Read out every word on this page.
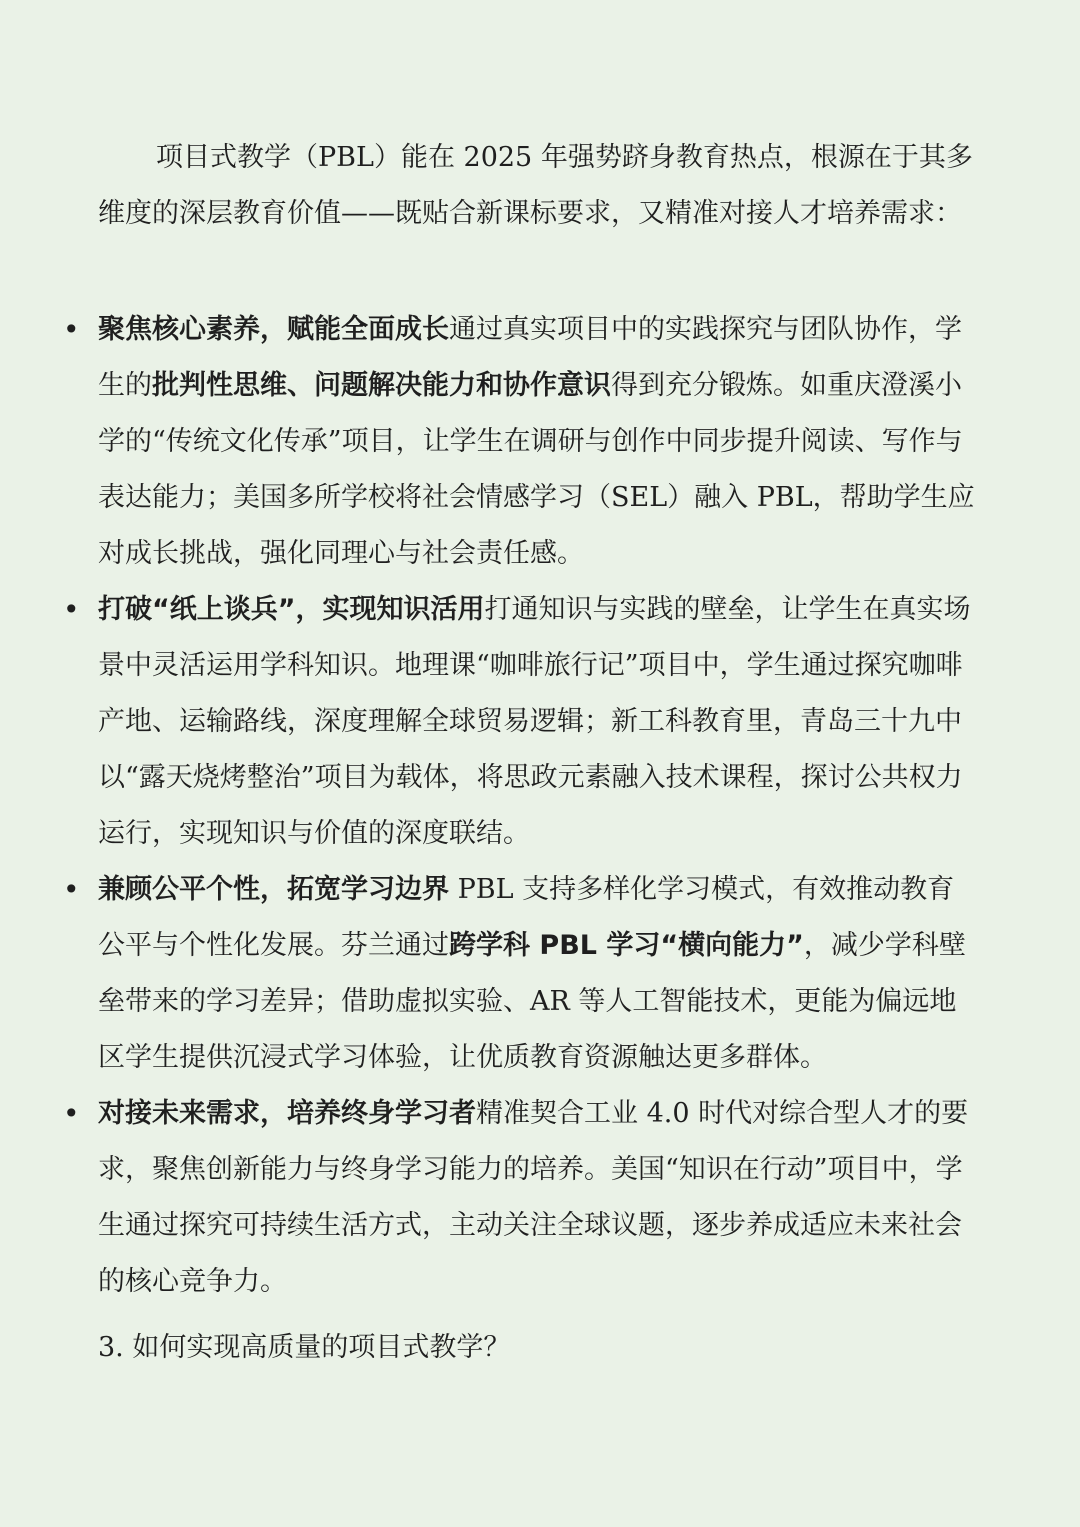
项目式教学（PBL）能在 2025 年强势跻身教育热点，根源在于其多维度的深层教育价值——既贴合新课标要求，又精准对接人才培养需求：

• 聚焦核心素养，赋能全面成长通过真实项目中的实践探究与团队协作，学生的批判性思维、问题解决能力和协作意识得到充分锻炼。如重庆澄溪小学的“传统文化传承”项目，让学生在调研与创作中同步提升阅读、写作与表达能力；美国多所学校将社会情感学习（SEL）融入 PBL，帮助学生应对成长挑战，强化同理心与社会责任感。
• 打破“纸上谈兵”，实现知识活用打通知识与实践的壁垒，让学生在真实场景中灵活运用学科知识。地理课“咖啡旅行记”项目中，学生通过探究咖啡产地、运输路线，深度理解全球贸易逻辑；新工科教育里，青岛三十九中以“露天烧烤整治”项目为载体，将思政元素融入技术课程，探讨公共权力运行，实现知识与价值的深度联结。
• 兼顾公平个性，拓宽学习边界 PBL 支持多样化学习模式，有效推动教育公平与个性化发展。芬兰通过跨学科 PBL 学习“横向能力”，减少学科壁垒带来的学习差异；借助虚拟实验、AR 等人工智能技术，更能为偏远地区学生提供沉浸式学习体验，让优质教育资源触达更多群体。
• 对接未来需求，培养终身学习者精准契合工业 4.0 时代对综合型人才的要求，聚焦创新能力与终身学习能力的培养。美国“知识在行动”项目中，学生通过探究可持续生活方式，主动关注全球议题，逐步养成适应未来社会的核心竞争力。

3. 如何实现高质量的项目式教学？
